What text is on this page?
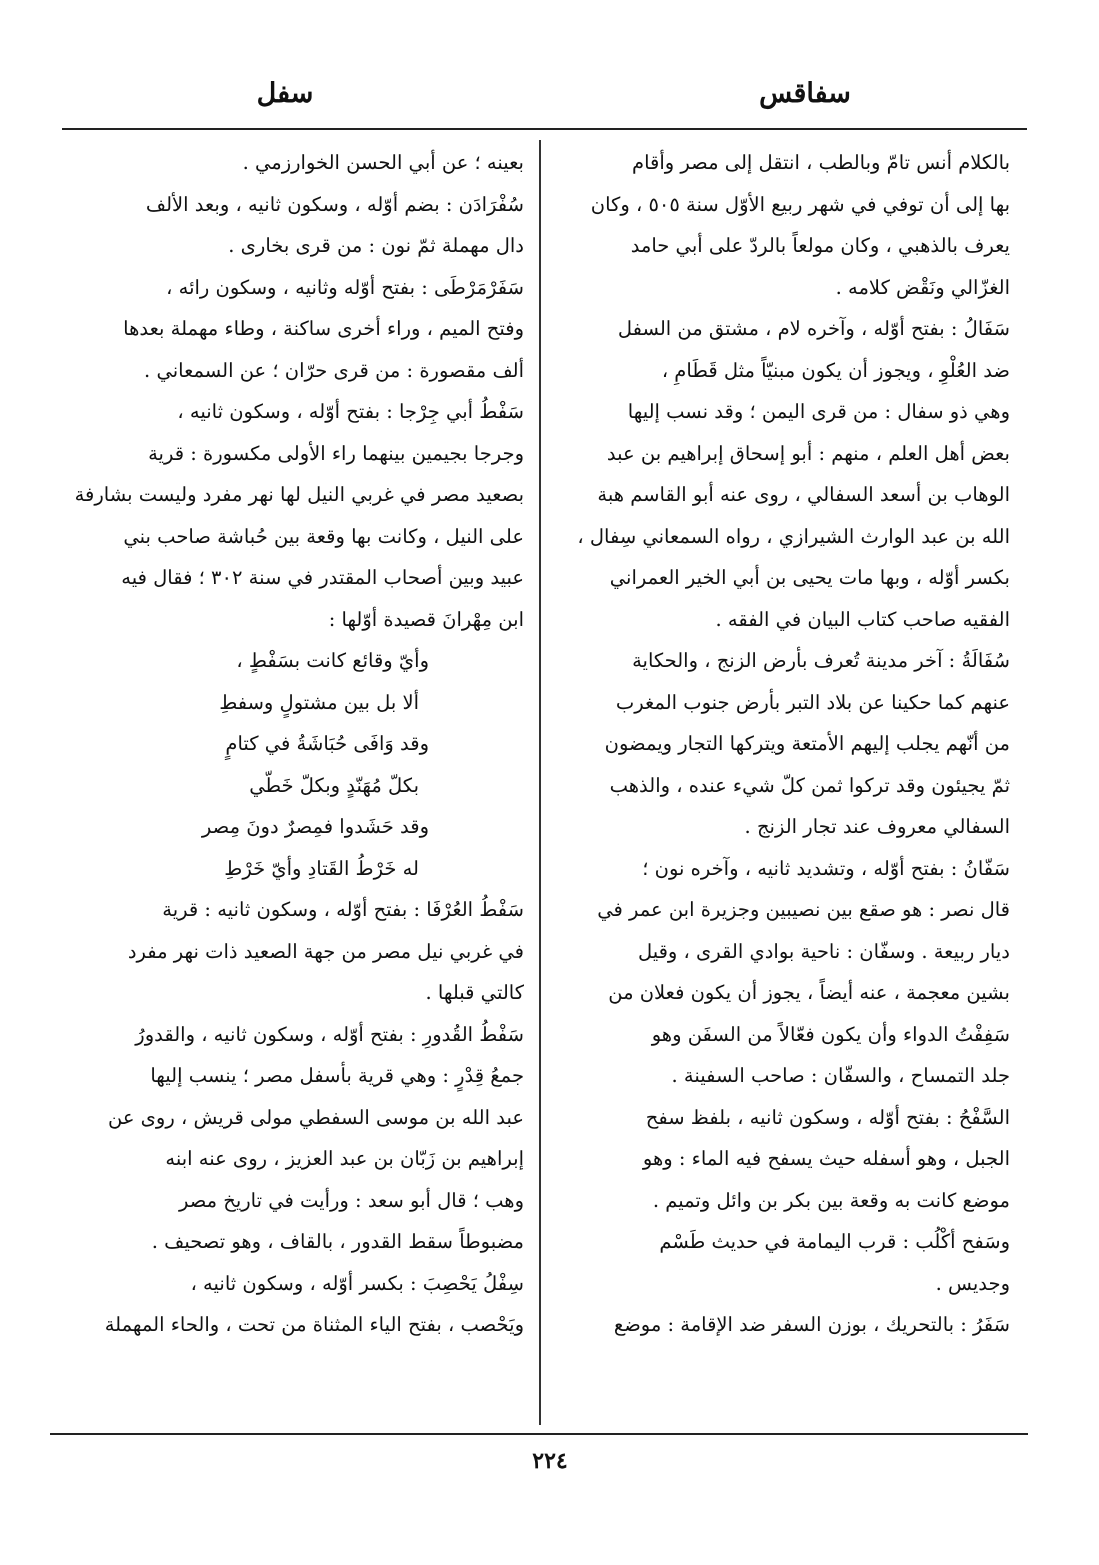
سفاقس
سفل
بالكلام أنس تامّ وبالطب ، انتقل إلى مصر وأقام
بها إلى أن توفي في شهر ربيع الأوّل سنة ٥٠٥ ، وكان
يعرف بالذهبي ، وكان مولعاً بالردّ على أبي حامد
الغزّالي ونَقْض كلامه .
سَفَالُ : بفتح أوّله ، وآخره لام ، مشتق من السفل
ضد العُلْوِ ، ويجوز أن يكون مبنيّاً مثل قَطَامِ ،
وهي ذو سفال : من قرى اليمن ؛ وقد نسب إليها
بعض أهل العلم ، منهم : أبو إسحاق إبراهيم بن عبد
الوهاب بن أسعد السفالي ، روى عنه أبو القاسم هبة
الله بن عبد الوارث الشيرازي ، رواه السمعاني سِفال ،
بكسر أوّله ، وبها مات يحيى بن أبي الخير العمراني
الفقيه صاحب كتاب البيان في الفقه .
سُفَالَةُ : آخر مدينة تُعرف بأرض الزنج ، والحكاية
عنهم كما حكينا عن بلاد التبر بأرض جنوب المغرب
من أنّهم يجلب إليهم الأمتعة ويتركها التجار ويمضون
ثمّ يجيئون وقد تركوا ثمن كلّ شيء عنده ، والذهب
السفالي معروف عند تجار الزنج .
سَفّانُ : بفتح أوّله ، وتشديد ثانيه ، وآخره نون ؛
قال نصر : هو صقع بين نصيبين وجزيرة ابن عمر في
ديار ربيعة . وسفّان : ناحية بوادي القرى ، وقيل
بشين معجمة ، عنه أيضاً ، يجوز أن يكون فعلان من
سَفِفْتُ الدواء وأن يكون فعّالاً من السفَن وهو
جلد التمساح ، والسفّان : صاحب السفينة .
السَّفْحُ : بفتح أوّله ، وسكون ثانيه ، بلفظ سفح
الجبل ، وهو أسفله حيث يسفح فيه الماء : وهو
موضع كانت به وقعة بين بكر بن وائل وتميم .
وسَفح أكْلُب : قرب اليمامة في حديث طَسْم
وجديس .
سَفَرُ : بالتحريك ، بوزن السفر ضد الإقامة : موضع
بعينه ؛ عن أبي الحسن الخوارزمي .
سُفْرَادَن : بضم أوّله ، وسكون ثانيه ، وبعد الألف
دال مهملة ثمّ نون : من قرى بخارى .
سَفَرْمَرْطَى : بفتح أوّله وثانيه ، وسكون رائه ،
وفتح الميم ، وراء أخرى ساكنة ، وطاء مهملة بعدها
ألف مقصورة : من قرى حرّان ؛ عن السمعاني .
سَفْطُ أبي جِرْجا : بفتح أوّله ، وسكون ثانيه ،
وجرجا بجيمين بينهما راء الأولى مكسورة : قرية
بصعيد مصر في غربي النيل لها نهر مفرد وليست بشارفة
على النيل ، وكانت بها وقعة بين حُباشة صاحب بني
عبيد وبين أصحاب المقتدر في سنة ٣٠٢ ؛ فقال فيه
ابن مِهْرانَ قصيدة أوّلها :
وأيّ وقائع كانت بسَفْطٍ ،
ألا بل بين مشتولٍ وسفطِ
وقد وَافَى حُبَاشَةُ في كتامٍ
بكلّ مُهَنّدٍ وبكلّ خَطّي
وقد حَشَدوا فمِصرٌ دونَ مِصر
له خَرْطُ القَتادِ وأيّ خَرْطِ
سَفْطُ العُرْفَا : بفتح أوّله ، وسكون ثانيه : قرية
في غربي نيل مصر من جهة الصعيد ذات نهر مفرد
كالتي قبلها .
سَفْطُ القُدورِ : بفتح أوّله ، وسكون ثانيه ، والقدورُ
جمعُ قِدْرٍ : وهي قرية بأسفل مصر ؛ ينسب إليها
عبد الله بن موسى السفطي مولى قريش ، روى عن
إبراهيم بن زَبّان بن عبد العزيز ، روى عنه ابنه
وهب ؛ قال أبو سعد : ورأيت في تاريخ مصر
مضبوطاً سقط القدور ، بالقاف ، وهو تصحيف .
سِفْلُ يَحْصِبَ : بكسر أوّله ، وسكون ثانيه ،
ويَحْصب ، بفتح الياء المثناة من تحت ، والحاء المهملة
٢٢٤
